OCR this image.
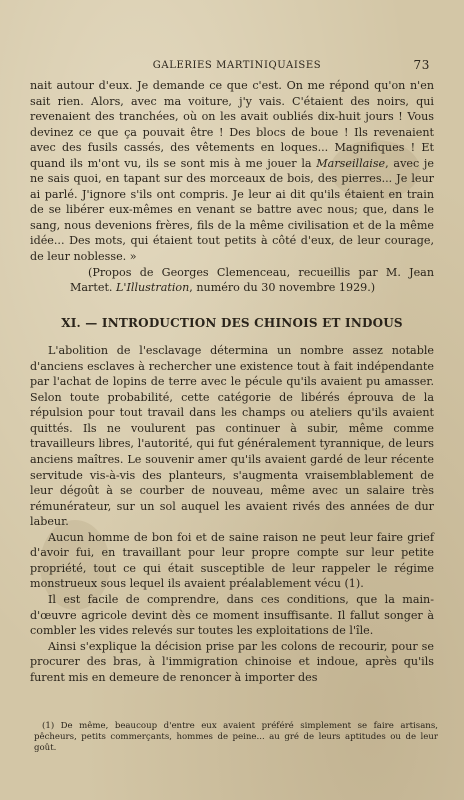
GALERIES MARTINIQUAISES	73

nait autour d'eux. Je demande ce que c'est. On me répond qu'on n'en sait rien. Alors, avec ma voiture, j'y vais. C'étaient des noirs, qui revenaient des tranchées, où on les avait oubliés dix-huit jours ! Vous devinez ce que ça pouvait être ! Des blocs de boue ! Ils revenaient avec des fusils cassés, des vêtements en loques... Magnifiques ! Et quand ils m'ont vu, ils se sont mis à me jouer la Marseillaise, avec je ne sais quoi, en tapant sur des morceaux de bois, des pierres... Je leur ai parlé. J'ignore s'ils ont compris. Je leur ai dit qu'ils étaient en train de se libérer eux-mêmes en venant se battre avec nous; que, dans le sang, nous devenions frères, fils de la même civilisation et de la même idée... Des mots, qui étaient tout petits à côté d'eux, de leur courage, de leur noblesse. »

(Propos de Georges Clemenceau, recueillis par M. Jean Martet. L'Illustration, numéro du 30 novembre 1929.)

XI. — INTRODUCTION DES CHINOIS ET INDOUS

L'abolition de l'esclavage détermina un nombre assez notable d'anciens esclaves à rechercher une existence tout à fait indépendante par l'achat de lopins de terre avec le pécule qu'ils avaient pu amasser. Selon toute probabilité, cette catégorie de libérés éprouva de la répulsion pour tout travail dans les champs ou ateliers qu'ils avaient quittés. Ils ne voulurent pas continuer à subir, même comme travailleurs libres, l'autorité, qui fut généralement tyrannique, de leurs anciens maîtres. Le souvenir amer qu'ils avaient gardé de leur récente servitude vis-à-vis des planteurs, s'augmenta vraisemblablement de leur dégoût à se courber de nouveau, même avec un salaire très rémunérateur, sur un sol auquel les avaient rivés des années de dur labeur.

Aucun homme de bon foi et de saine raison ne peut leur faire grief d'avoir fui, en travaillant pour leur propre compte sur leur petite propriété, tout ce qui était susceptible de leur rappeler le régime monstrueux sous lequel ils avaient préalablement vécu (1).

Il est facile de comprendre, dans ces conditions, que la main-d'œuvre agricole devint dès ce moment insuffisante. Il fallut songer à combler les vides relevés sur toutes les exploitations de l'île.

Ainsi s'explique la décision prise par les colons de recourir, pour se procurer des bras, à l'immigration chinoise et indoue, après qu'ils furent mis en demeure de renoncer à importer des

(1) De même, beaucoup d'entre eux avaient préféré simplement se faire artisans, pêcheurs, petits commerçants, hommes de peine... au gré de leurs aptitudes ou de leur goût.
